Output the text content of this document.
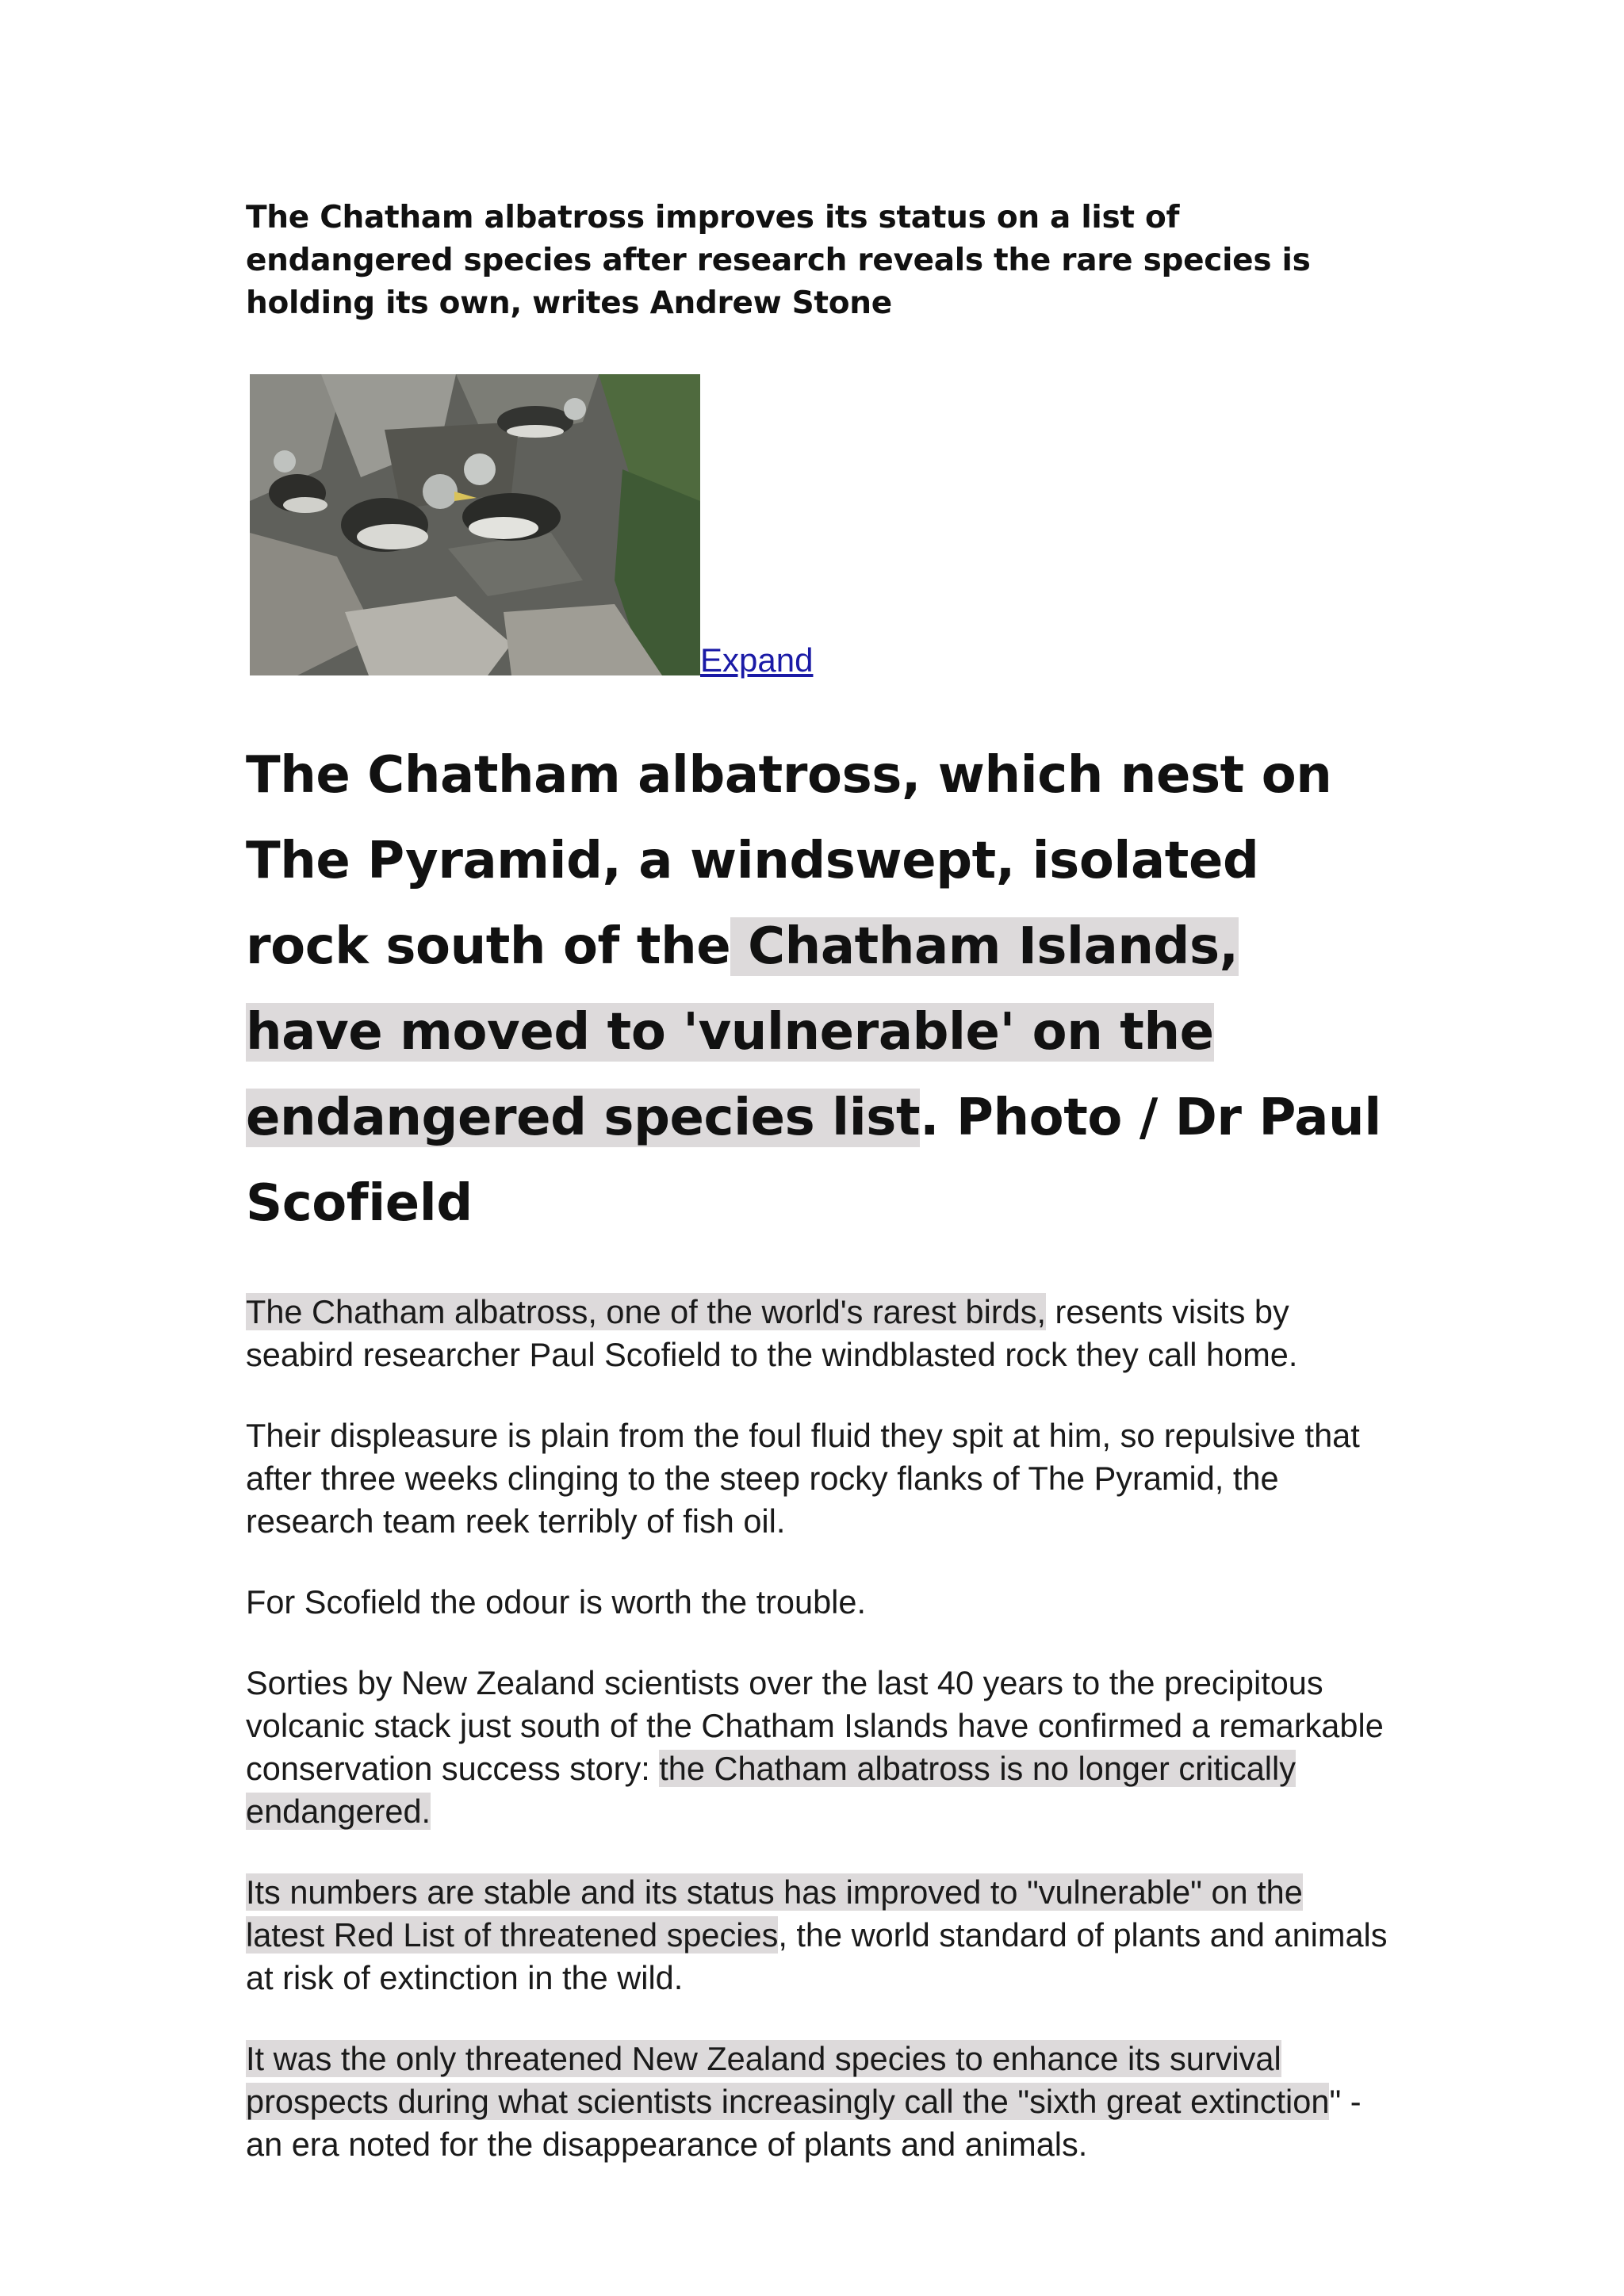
The Chatham albatross improves its status on a list of endangered species after research reveals the rare species is holding its own, writes Andrew Stone

Expand
The Chatham albatross, which nest on The Pyramid, a windswept, isolated rock south of the Chatham Islands, have moved to 'vulnerable' on the endangered species list. Photo / Dr Paul Scofield

The Chatham albatross, one of the world's rarest birds, resents visits by seabird researcher Paul Scofield to the windblasted rock they call home.

Their displeasure is plain from the foul fluid they spit at him, so repulsive that after three weeks clinging to the steep rocky flanks of The Pyramid, the research team reek terribly of fish oil.

For Scofield the odour is worth the trouble.

Sorties by New Zealand scientists over the last 40 years to the precipitous volcanic stack just south of the Chatham Islands have confirmed a remarkable conservation success story: the Chatham albatross is no longer critically endangered.

Its numbers are stable and its status has improved to "vulnerable" on the latest Red List of threatened species, the world standard of plants and animals at risk of extinction in the wild.

It was the only threatened New Zealand species to enhance its survival prospects during what scientists increasingly call the "sixth great extinction" - an era noted for the disappearance of plants and animals.
